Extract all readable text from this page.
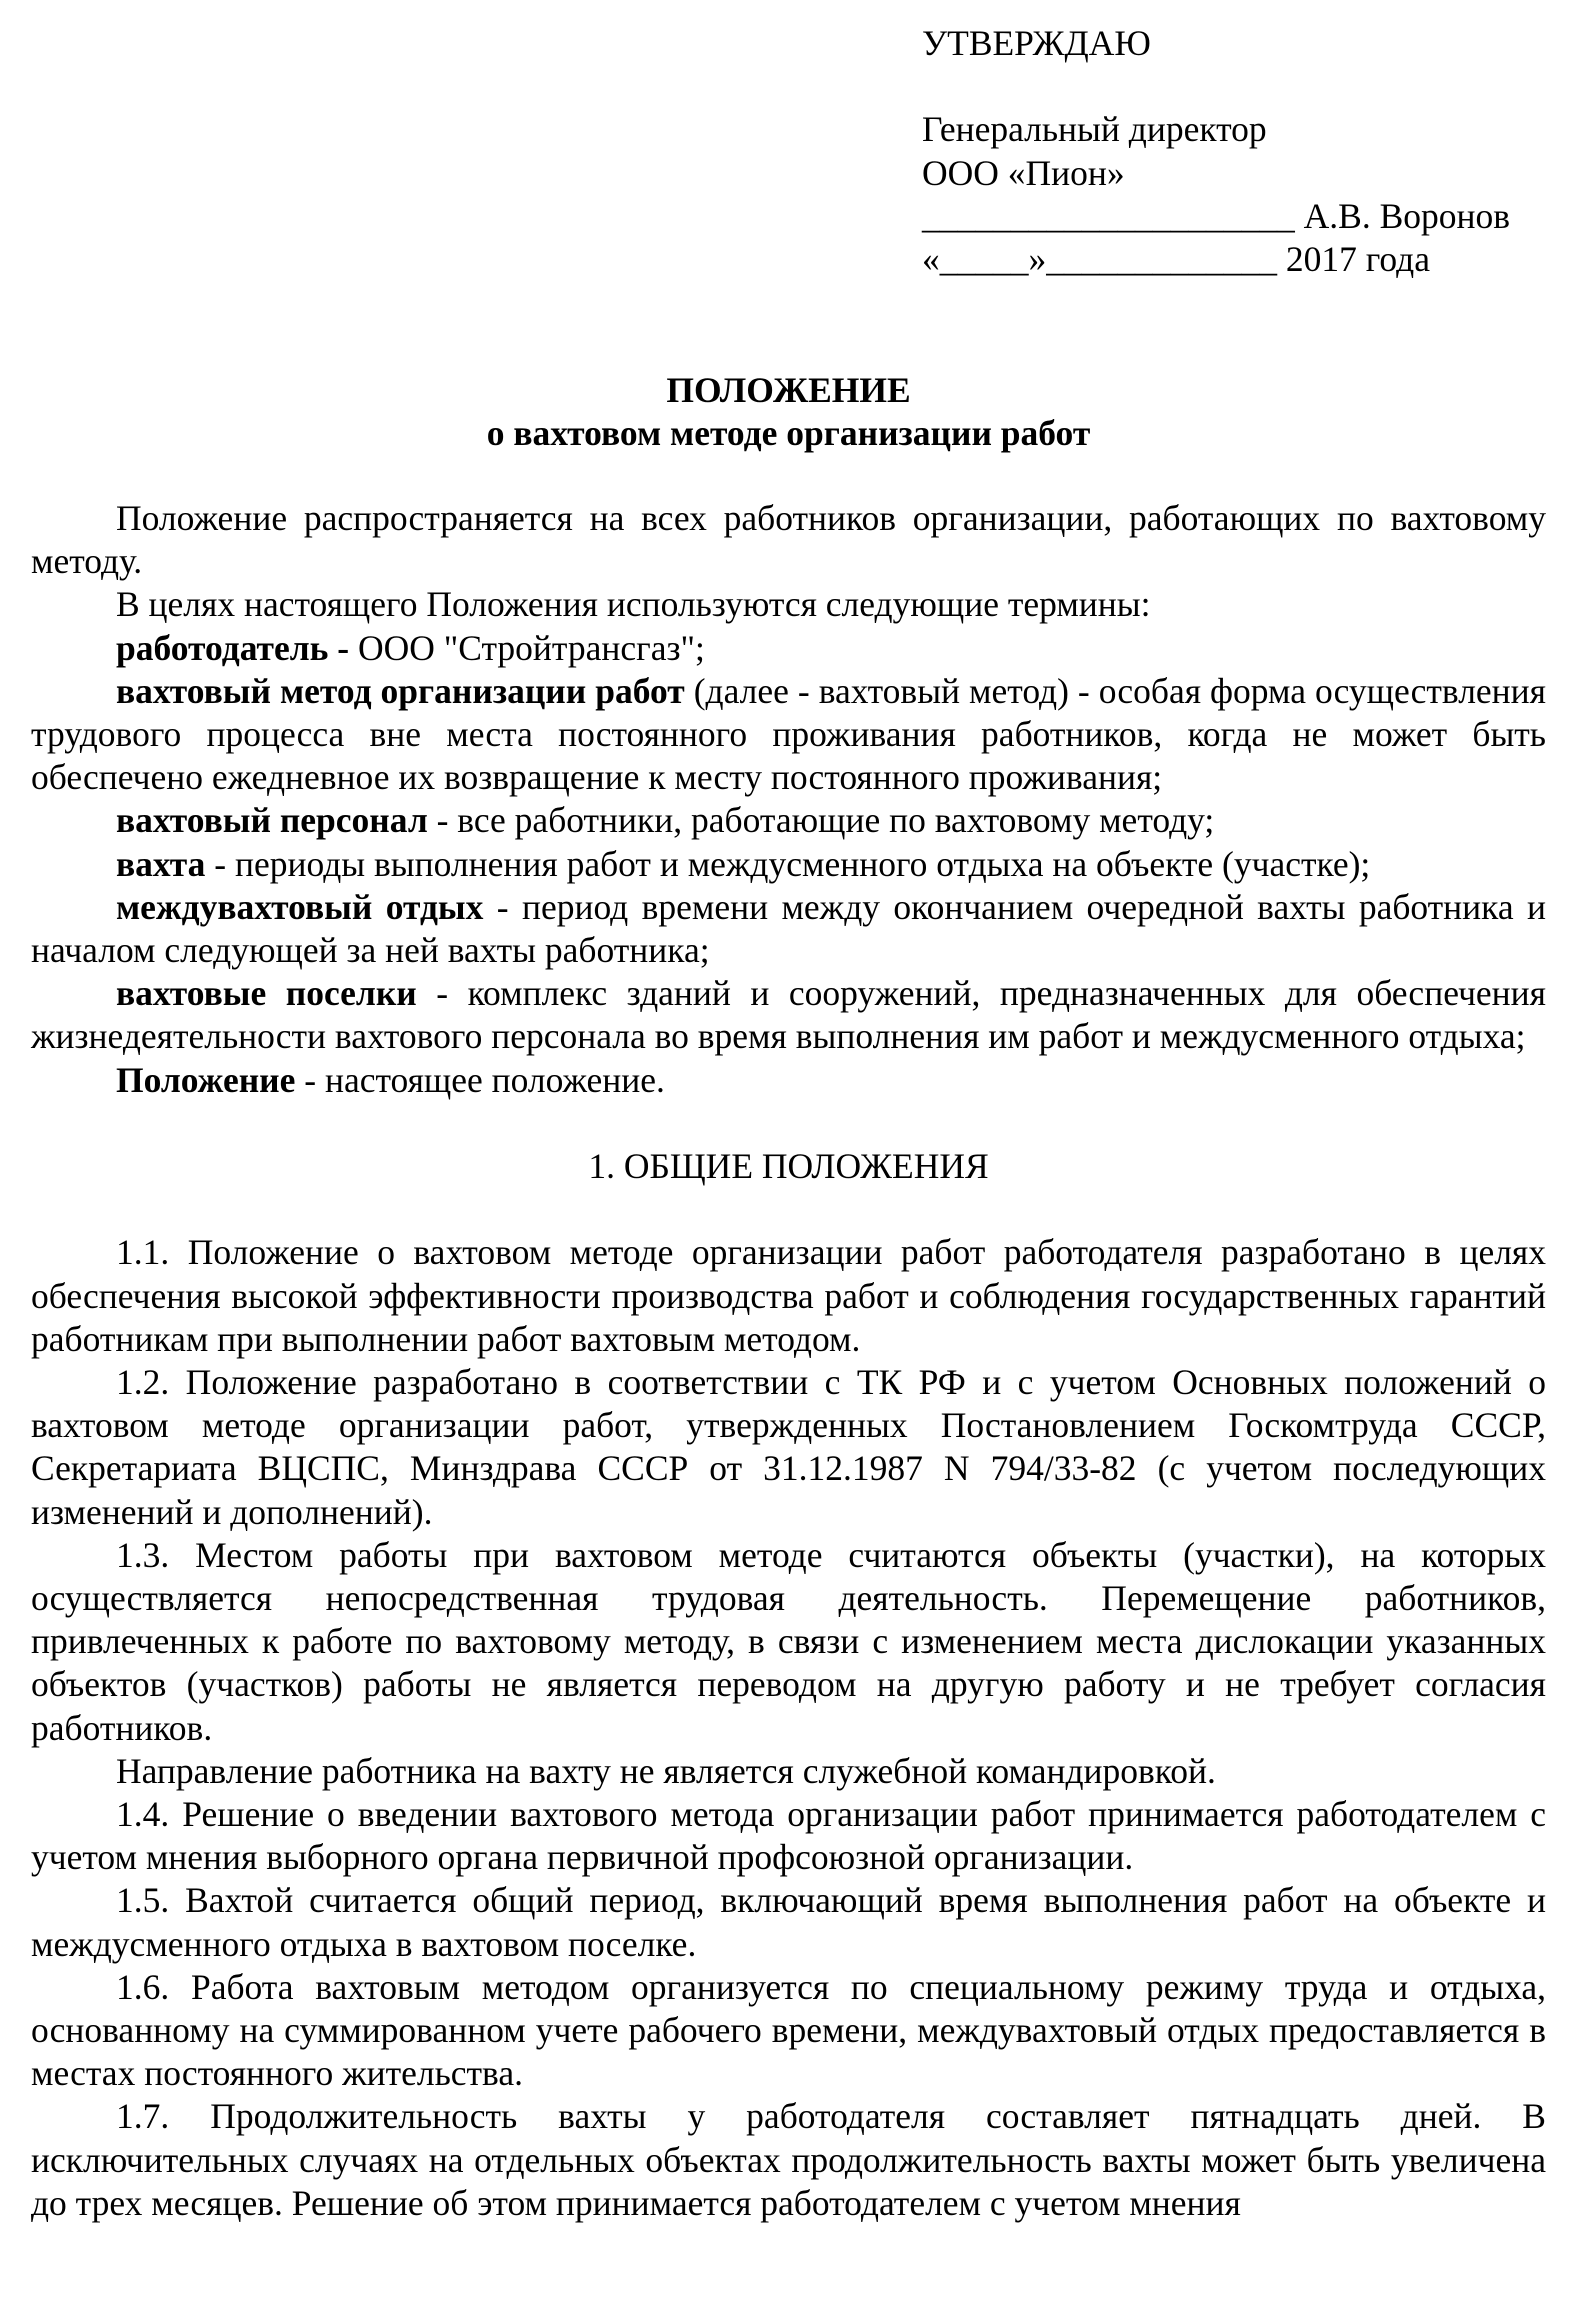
УТВЕРЖДАЮ
Генеральный директор
ООО «Пион»
_____________________ А.В. Воронов
«_____»_____________ 2017 года
ПОЛОЖЕНИЕ
о вахтовом методе организации работ

Положение распространяется на всех работников организации, работающих по вахтовому методу.

В целях настоящего Положения используются следующие термины:

работодатель - ООО "Стройтрансгаз";

вахтовый метод организации работ (далее - вахтовый метод) - особая форма осуществления трудового процесса вне места постоянного проживания работников, когда не может быть обеспечено ежедневное их возвращение к месту постоянного проживания;

вахтовый персонал - все работники, работающие по вахтовому методу;

вахта - периоды выполнения работ и междусменного отдыха на объекте (участке);

междувахтовый отдых - период времени между окончанием очередной вахты работника и началом следующей за ней вахты работника;

вахтовые поселки - комплекс зданий и сооружений, предназначенных для обеспечения жизнедеятельности вахтового персонала во время выполнения им работ и междусменного отдыха;

Положение - настоящее положение.

1. ОБЩИЕ ПОЛОЖЕНИЯ

1.1. Положение о вахтовом методе организации работ работодателя разработано в целях обеспечения высокой эффективности производства работ и соблюдения государственных гарантий работникам при выполнении работ вахтовым методом.

1.2. Положение разработано в соответствии с ТК РФ и с учетом Основных положений о вахтовом методе организации работ, утвержденных Постановлением Госкомтруда СССР, Секретариата ВЦСПС, Минздрава СССР от 31.12.1987 N 794/33-82 (с учетом последующих изменений и дополнений).

1.3. Местом работы при вахтовом методе считаются объекты (участки), на которых осуществляется непосредственная трудовая деятельность. Перемещение работников, привлеченных к работе по вахтовому методу, в связи с изменением места дислокации указанных объектов (участков) работы не является переводом на другую работу и не требует согласия работников.

Направление работника на вахту не является служебной командировкой.

1.4. Решение о введении вахтового метода организации работ принимается работодателем с учетом мнения выборного органа первичной профсоюзной организации.

1.5. Вахтой считается общий период, включающий время выполнения работ на объекте и междусменного отдыха в вахтовом поселке.

1.6. Работа вахтовым методом организуется по специальному режиму труда и отдыха, основанному на суммированном учете рабочего времени, междувахтовый отдых предоставляется в местах постоянного жительства.

1.7. Продолжительность вахты у работодателя составляет пятнадцать дней. В исключительных случаях на отдельных объектах продолжительность вахты может быть увеличена до трех месяцев. Решение об этом принимается работодателем с учетом мнения
